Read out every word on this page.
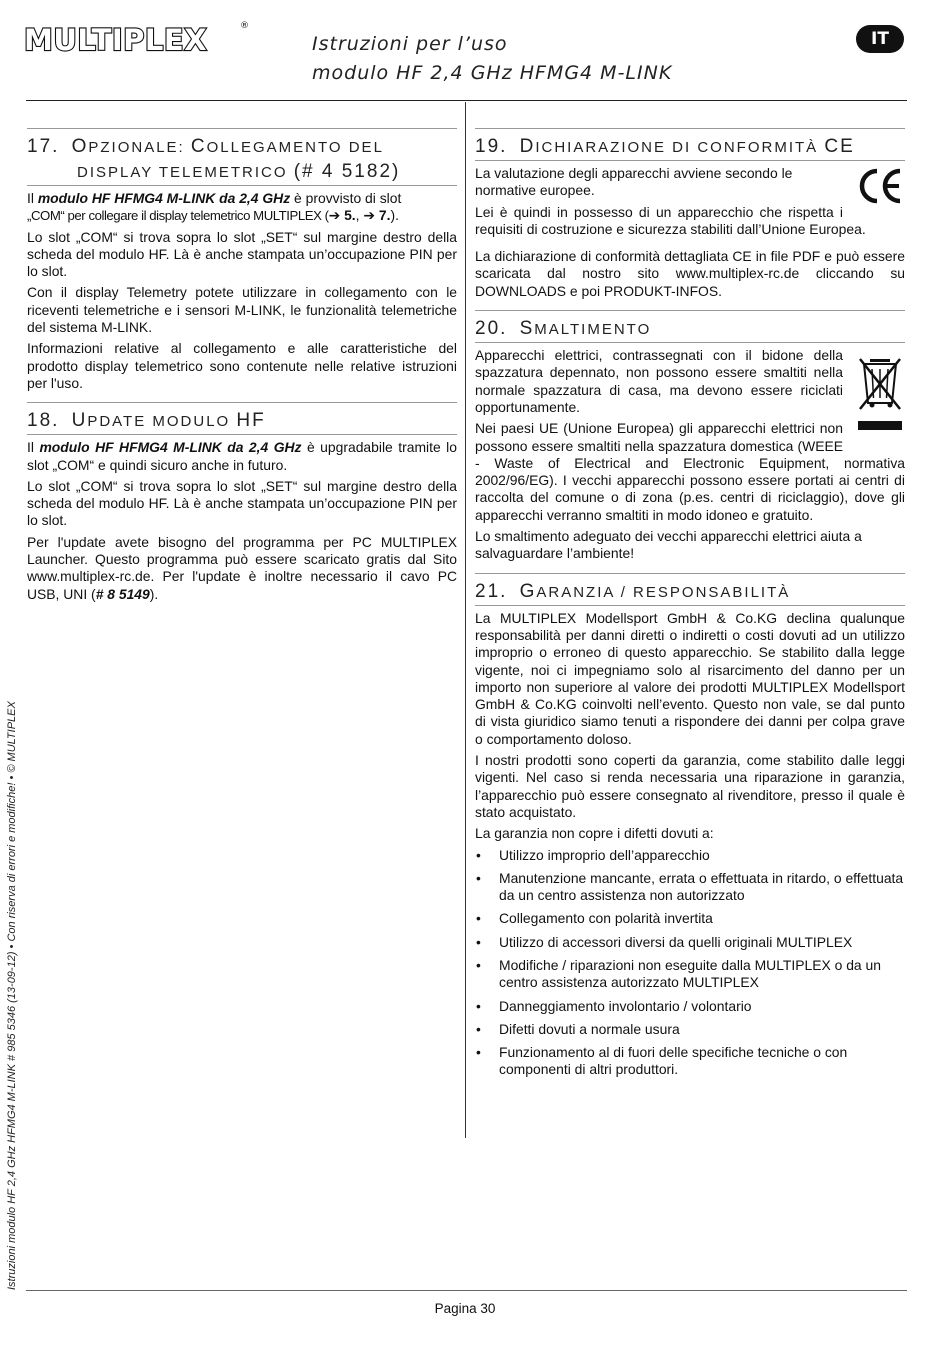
MULTIPLEX	®
Istruzioni per l’uso
modulo HF 2,4 GHz HFMG4 M-LINK
IT
17. OPZIONALE: COLLEGAMENTO DEL
DISPLAY TELEMETRICO (# 4 5182)

Il modulo HF HFMG4 M-LINK da 2,4 GHz è provvisto di slot
„COM“ per collegare il display telemetrico MULTIPLEX (➔ 5., ➔ 7.).

Lo slot „COM“ si trova sopra lo slot „SET“ sul margine destro della scheda del modulo HF. Là è anche stampata un’occupazione PIN per lo slot.

Con il display Telemetry potete utilizzare in collegamento con le riceventi telemetriche e i sensori M-LINK, le funzionalità telemetriche del sistema M-LINK.

Informazioni relative al collegamento e alle caratteristiche del prodotto display telemetrico sono contenute nelle relative istruzioni per l'uso.

18. UPDATE MODULO HF

Il modulo HF HFMG4 M-LINK da 2,4 GHz è upgradabile tramite lo slot „COM“ e quindi sicuro anche in futuro.

Lo slot „COM“ si trova sopra lo slot „SET“ sul margine destro della scheda del modulo HF. Là è anche stampata un’occupazione PIN per lo slot.

Per l'update avete bisogno del programma per PC MULTIPLEX Launcher. Questo programma può essere scaricato gratis dal Sito www.multiplex-rc.de. Per l'update è inoltre necessario il cavo PC USB, UNI (# 8 5149).

19. DICHIARAZIONE DI CONFORMITÀ CE

La valutazione degli apparecchi avviene secondo le normative europee.

Lei è quindi in possesso di un apparecchio che rispetta i requisiti di costruzione e sicurezza stabiliti dall’Unione Europea.

La dichiarazione di conformità dettagliata CE in file PDF e può essere scaricata dal nostro sito www.multiplex-rc.de cliccando su DOWNLOADS e poi PRODUKT-INFOS.

20. SMALTIMENTO

Apparecchi elettrici, contrassegnati con il bidone della spazzatura depennato, non possono essere smaltiti nella normale spazzatura di casa, ma devono essere riciclati opportunamente.

Nei paesi UE (Unione Europea) gli apparecchi elettrici non possono essere smaltiti nella spazzatura domestica (WEEE - Waste of Electrical and Electronic Equipment, normativa 2002/96/EG). I vecchi apparecchi possono essere portati ai centri di raccolta del comune o di zona (p.es. centri di riciclaggio), dove gli apparecchi verranno smaltiti in modo idoneo e gratuito.

Lo smaltimento adeguato dei vecchi apparecchi elettrici aiuta a salvaguardare l’ambiente!

21. GARANZIA / RESPONSABILITÀ

La MULTIPLEX Modellsport GmbH & Co.KG declina qualunque responsabilità per danni diretti o indiretti o costi dovuti ad un utilizzo improprio o erroneo di questo apparecchio. Se stabilito dalla legge vigente, noi ci impegniamo solo al risarcimento del danno per un importo non superiore al valore dei prodotti MULTIPLEX Modellsport GmbH & Co.KG coinvolti nell’evento. Questo non vale, se dal punto di vista giuridico siamo tenuti a rispondere dei danni per colpa grave o comportamento doloso.

I nostri prodotti sono coperti da garanzia, come stabilito dalle leggi vigenti. Nel caso si renda necessaria una riparazione in garanzia, l’apparecchio può essere consegnato al rivenditore, presso il quale è stato acquistato.

La garanzia non copre i difetti dovuti a:

• Utilizzo improprio dell’apparecchio
• Manutenzione mancante, errata o effettuata in ritardo, o effettuata da un centro assistenza non autorizzato
• Collegamento con polarità invertita
• Utilizzo di accessori diversi da quelli originali MULTIPLEX
• Modifiche / riparazioni non eseguite dalla MULTIPLEX o da un centro assistenza autorizzato MULTIPLEX
• Danneggiamento involontario / volontario
• Difetti dovuti a normale usura
• Funzionamento al di fuori delle specifiche tecniche o con componenti di altri produttori.
Istruzioni modulo HF 2,4 GHz HFMG4 M-LINK # 985 5346 (13-09-12) • Con riserva di errori e modifiche! • © MULTIPLEX
Pagina 30
